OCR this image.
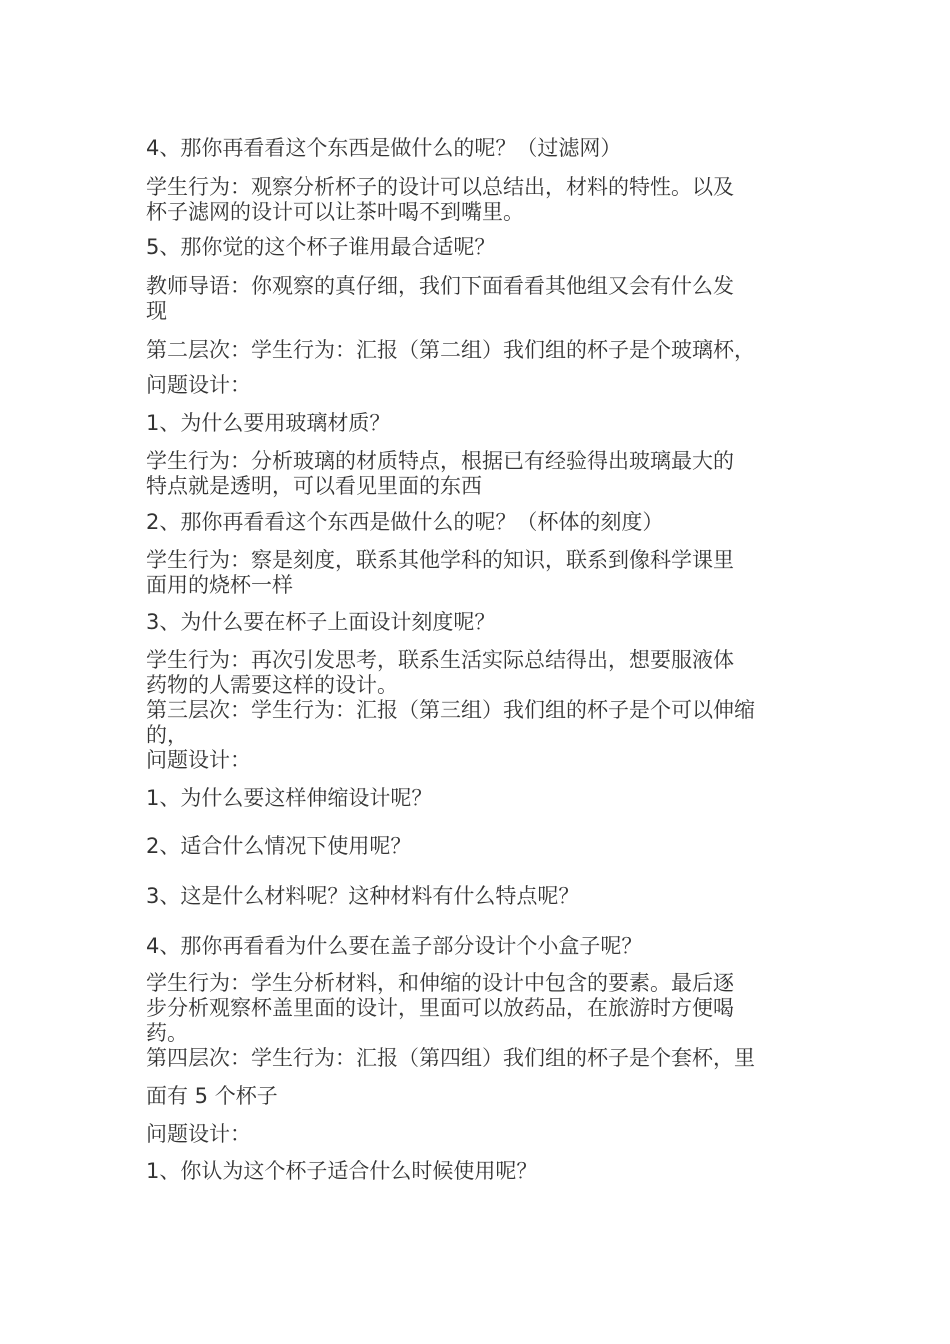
4、那你再看看这个东西是做什么的呢？（过滤网）
学生行为：观察分析杯子的设计可以总结出，材料的特性。以及
杯子滤网的设计可以让茶叶喝不到嘴里。
5、那你觉的这个杯子谁用最合适呢？
教师导语：你观察的真仔细，我们下面看看其他组又会有什么发
现
第二层次：学生行为：汇报（第二组）我们组的杯子是个玻璃杯，
问题设计：
1、为什么要用玻璃材质？
学生行为：分析玻璃的材质特点，根据已有经验得出玻璃最大的
特点就是透明，可以看见里面的东西
2、那你再看看这个东西是做什么的呢？（杯体的刻度）
学生行为：察是刻度，联系其他学科的知识，联系到像科学课里
面用的烧杯一样
3、为什么要在杯子上面设计刻度呢？
学生行为：再次引发思考，联系生活实际总结得出，想要服液体
药物的人需要这样的设计。
第三层次：学生行为：汇报（第三组）我们组的杯子是个可以伸缩
的，
问题设计：
1、为什么要这样伸缩设计呢？
2、适合什么情况下使用呢？
3、这是什么材料呢？这种材料有什么特点呢？
4、那你再看看为什么要在盖子部分设计个小盒子呢？
学生行为：学生分析材料，和伸缩的设计中包含的要素。最后逐
步分析观察杯盖里面的设计，里面可以放药品，在旅游时方便喝
药。
第四层次：学生行为：汇报（第四组）我们组的杯子是个套杯，里
面有 5 个杯子
问题设计：
1、你认为这个杯子适合什么时候使用呢？
